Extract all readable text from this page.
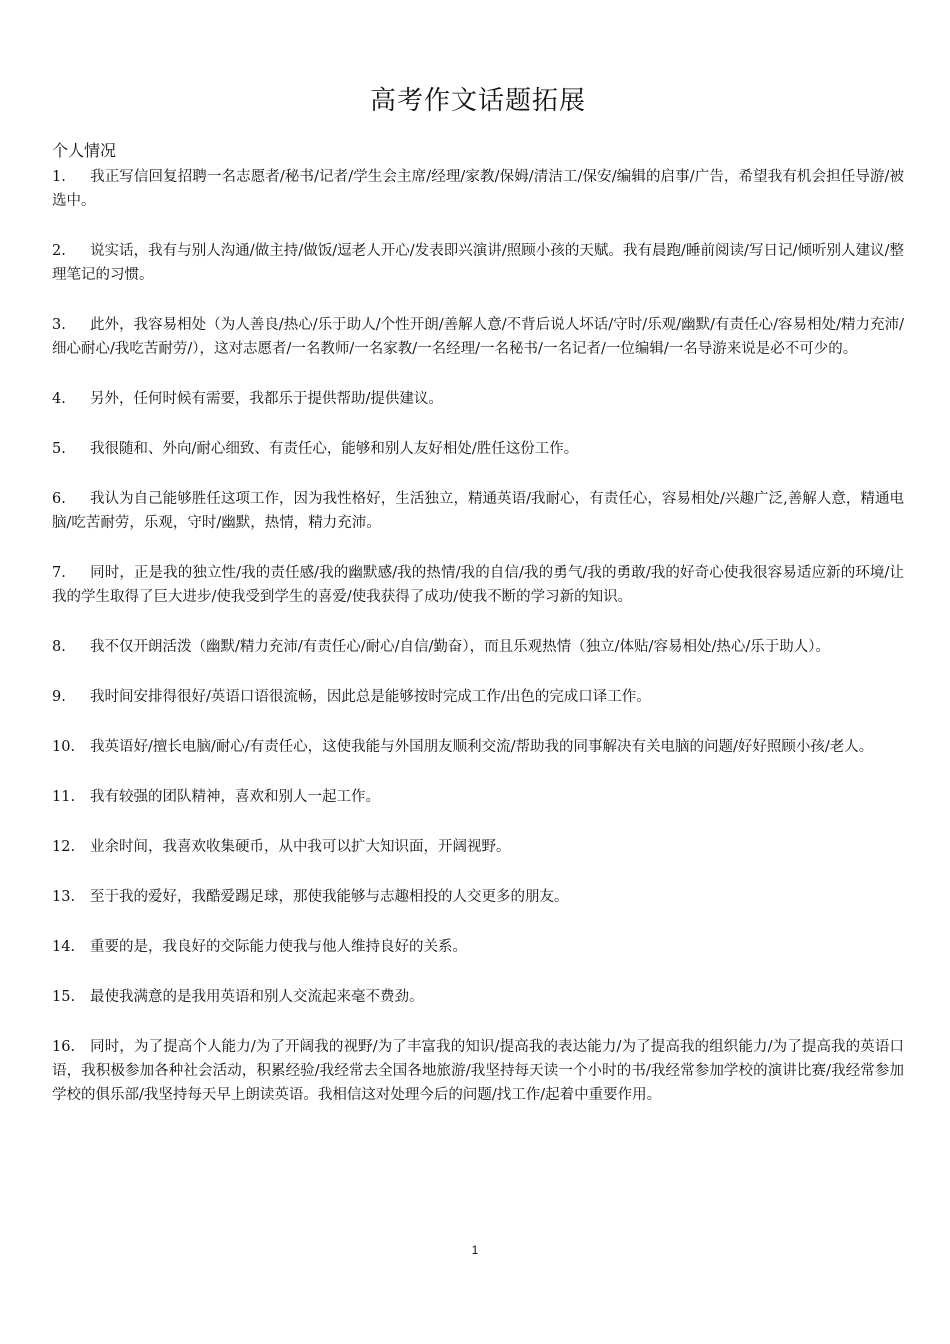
高考作文话题拓展
个人情况
1. 我正写信回复招聘一名志愿者/秘书/记者/学生会主席/经理/家教/保姆/清洁工/保安/编辑的启事/广告，希望我有机会担任导游/被选中。
2. 说实话，我有与别人沟通/做主持/做饭/逗老人开心/发表即兴演讲/照顾小孩的天赋。我有晨跑/睡前阅读/写日记/倾听别人建议/整理笔记的习惯。
3. 此外，我容易相处（为人善良/热心/乐于助人/个性开朗/善解人意/不背后说人坏话/守时/乐观/幽默/有责任心/容易相处/精力充沛/细心耐心/我吃苦耐劳/），这对志愿者/一名教师/一名家教/一名经理/一名秘书/一名记者/一位编辑/一名导游来说是必不可少的。
4. 另外，任何时候有需要，我都乐于提供帮助/提供建议。
5. 我很随和、外向/耐心细致、有责任心，能够和别人友好相处/胜任这份工作。
6. 我认为自己能够胜任这项工作，因为我性格好，生活独立，精通英语/我耐心，有责任心，容易相处/兴趣广泛,善解人意，精通电脑/吃苦耐劳，乐观，守时/幽默，热情，精力充沛。
7. 同时，正是我的独立性/我的责任感/我的幽默感/我的热情/我的自信/我的勇气/我的勇敢/我的好奇心使我很容易适应新的环境/让我的学生取得了巨大进步/使我受到学生的喜爱/使我获得了成功/使我不断的学习新的知识。
8. 我不仅开朗活泼（幽默/精力充沛/有责任心/耐心/自信/勤奋），而且乐观热情（独立/体贴/容易相处/热心/乐于助人）。
9. 我时间安排得很好/英语口语很流畅，因此总是能够按时完成工作/出色的完成口译工作。
10. 我英语好/擅长电脑/耐心/有责任心，这使我能与外国朋友顺利交流/帮助我的同事解决有关电脑的问题/好好照顾小孩/老人。
11. 我有较强的团队精神，喜欢和别人一起工作。
12. 业余时间，我喜欢收集硬币，从中我可以扩大知识面，开阔视野。
13. 至于我的爱好，我酷爱踢足球，那使我能够与志趣相投的人交更多的朋友。
14. 重要的是，我良好的交际能力使我与他人维持良好的关系。
15. 最使我满意的是我用英语和别人交流起来毫不费劲。
16. 同时，为了提高个人能力/为了开阔我的视野/为了丰富我的知识/提高我的表达能力/为了提高我的组织能力/为了提高我的英语口语，我积极参加各种社会活动，积累经验/我经常去全国各地旅游/我坚持每天读一个小时的书/我经常参加学校的演讲比赛/我经常参加学校的俱乐部/我坚持每天早上朗读英语。我相信这对处理今后的问题/找工作/起着中重要作用。
1
